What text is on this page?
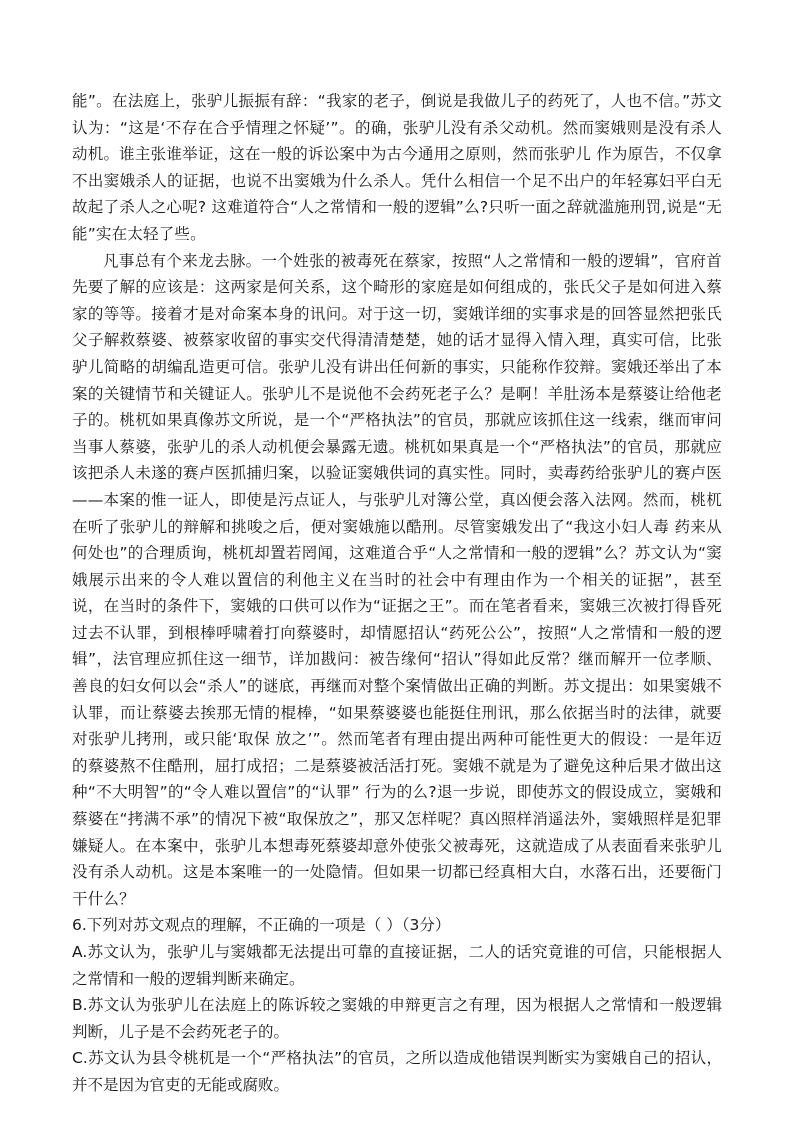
能”。在法庭上，张驴儿振振有辞：“我家的老子，倒说是我做儿子的药死了，人也不信。”苏文认为：“这是‘不存在合乎情理之怀疑’”。的确，张驴儿没有杀父动机。然而窦娥则是没有杀人动机。谁主张谁举证，这在一般的诉讼案中为古今通用之原则，然而张驴儿 作为原告，不仅拿不出窦娥杀人的证据，也说不出窦娥为什么杀人。凭什么相信一个足不出户的年轻寡妇平白无故起了杀人之心呢? 这难道符合“人之常情和一般的逻辑”么?只听一面之辞就滥施刑罚,说是“无能”实在太轻了些。

凡事总有个来龙去脉。一个姓张的被毒死在蔡家，按照“人之常情和一般的逻辑”，官府首先要了解的应该是：这两家是何关系，这个畸形的家庭是如何组成的，张氏父子是如何进入蔡家的等等。接着才是对命案本身的讯问。对于这一切，窦娥详细的实事求是的回答显然把张氏父子解救蔡婆、被蔡家收留的事实交代得清清楚楚，她的话才显得入情入理，真实可信，比张驴儿简略的胡编乱造更可信。张驴儿没有讲出任何新的事实，只能称作狡辩。窦娥还举出了本案的关键情节和关键证人。张驴儿不是说他不会药死老子么？是啊！羊肚汤本是蔡婆让给他老子的。桃杌如果真像苏文所说，是一个“严格执法”的官员，那就应该抓住这一线索，继而审问当事人蔡婆，张驴儿的杀人动机便会暴露无遗。桃杌如果真是一个“严格执法”的官员，那就应该把杀人未遂的赛卢医抓捕归案，以验证窦娥供词的真实性。同时，卖毒药给张驴儿的赛卢医——本案的惟一证人，即使是污点证人，与张驴儿对簿公堂，真凶便会落入法网。然而，桃杌在听了张驴儿的辩解和挑唆之后，便对窦娥施以酷刑。尽管窦娥发出了“我这小妇人毒 药来从何处也”的合理质询，桃杌却置若罔闻，这难道合乎“人之常情和一般的逻辑”么？苏文认为“窦娥展示出来的令人难以置信的利他主义在当时的社会中有理由作为一个相关的证据”，甚至说，在当时的条件下，窦娥的口供可以作为“证据之王”。而在笔者看来，窦娥三次被打得昏死过去不认罪，到根棒呼啸着打向蔡婆时，却情愿招认“药死公公”，按照“人之常情和一般的逻辑”，法官理应抓住这一细节，详加戡问：被告缘何“招认”得如此反常？继而解开一位孝顺、善良的妇女何以会“杀人”的谜底，再继而对整个案情做出正确的判断。苏文提出：如果窦娥不认罪，而让蔡婆去挨那无情的棍棒，“如果蔡婆婆也能挺住刑讯，那么依据当时的法律，就要对张驴儿拷刑，或只能‘取保 放之’”。然而笔者有理由提出两种可能性更大的假设：一是年迈的蔡婆熬不住酷刑，屈打成招；二是蔡婆被活活打死。窦娥不就是为了避免这种后果才做出这种“不大明智”的“令人难以置信”的“认罪” 行为的么?退一步说，即使苏文的假设成立，窦娥和蔡婆在“拷满不承”的情况下被“取保放之”，那又怎样呢？真凶照样消遥法外，窦娥照样是犯罪嫌疑人。在本案中，张驴儿本想毒死蔡婆却意外使张父被毒死，这就造成了从表面看来张驴儿没有杀人动机。这是本案唯一的一处隐情。但如果一切都已经真相大白，水落石出，还要衙门干什么？

6.下列对苏文观点的理解，不正确的一项是（ ）（3分）

A.苏文认为，张驴儿与窦娥都无法提出可靠的直接证据，二人的话究竟谁的可信，只能根据人之常情和一般的逻辑判断来确定。

B.苏文认为张驴儿在法庭上的陈诉较之窦娥的申辩更言之有理，因为根据人之常情和一般逻辑判断，儿子是不会药死老子的。

C.苏文认为县令桃杌是一个“严格执法”的官员，之所以造成他错误判断实为窦娥自己的招认，并不是因为官吏的无能或腐败。
